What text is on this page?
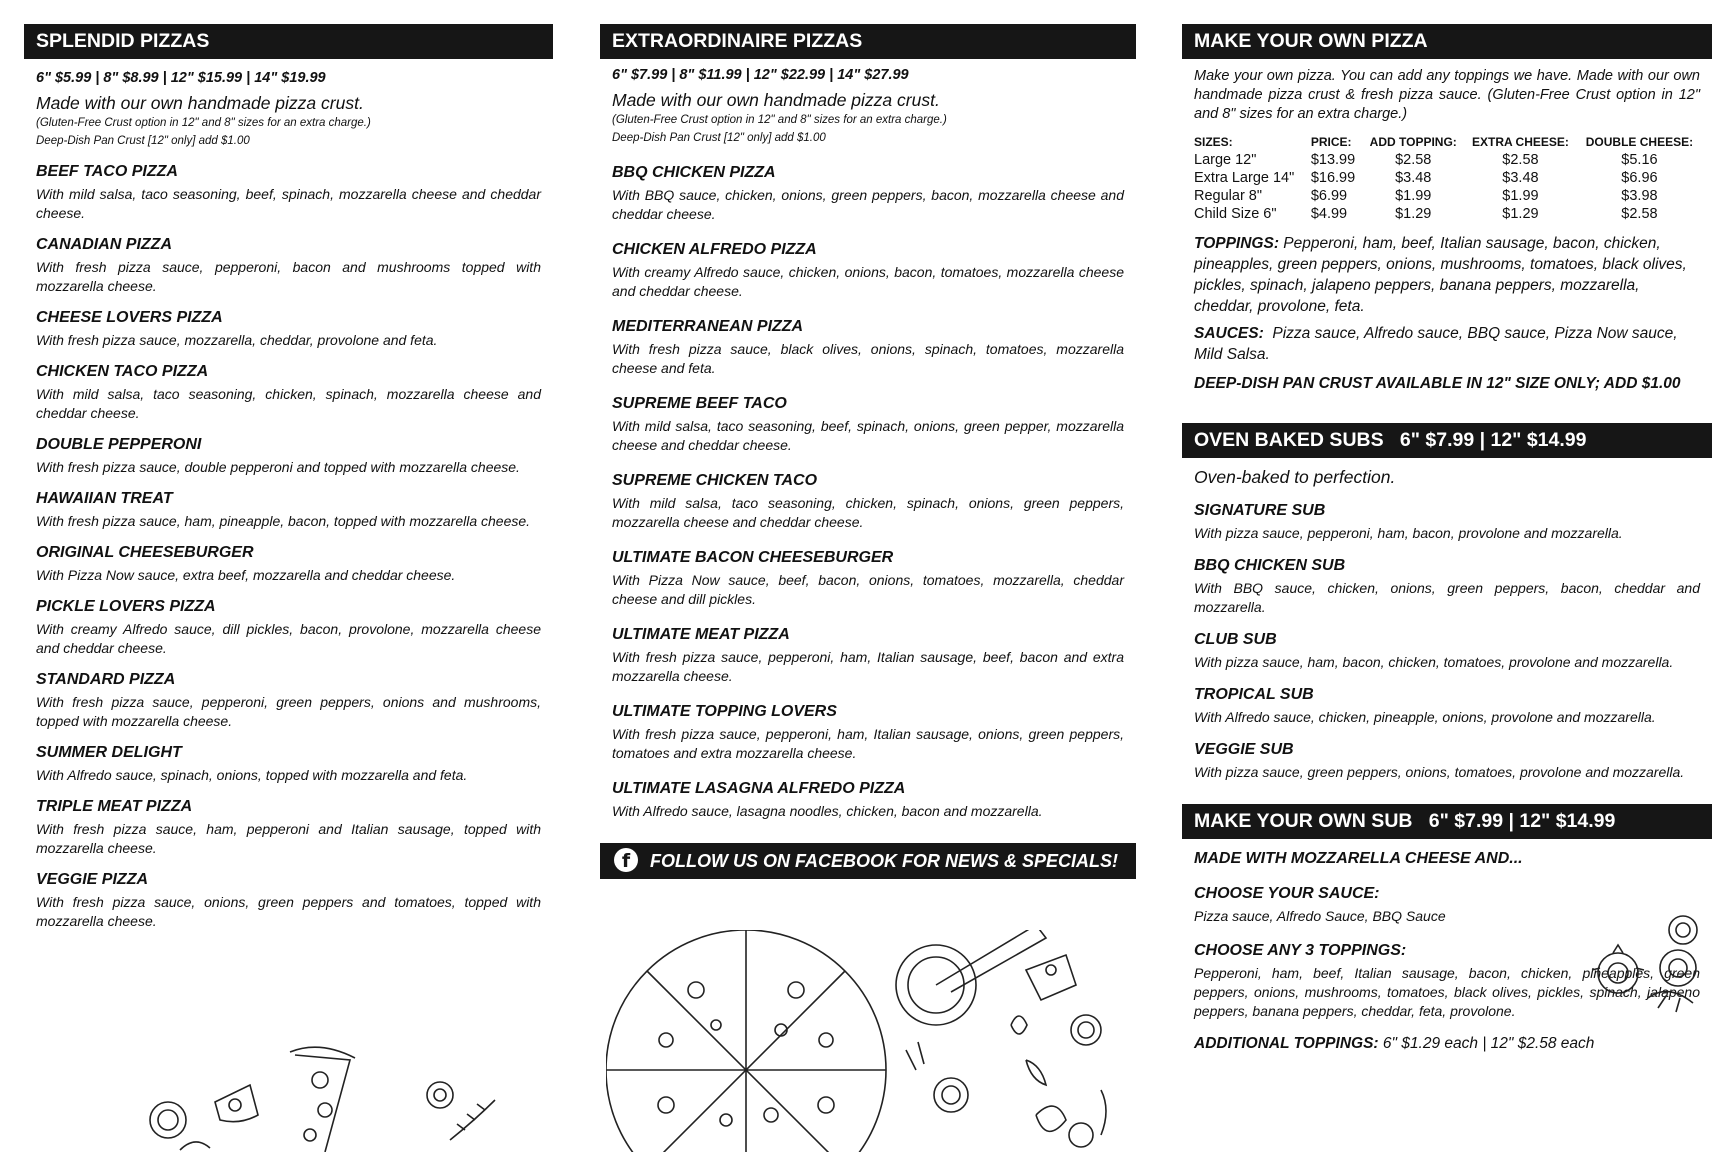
SPLENDID PIZZAS
6" $5.99 | 8" $8.99 | 12" $15.99 | 14" $19.99

Made with our own handmade pizza crust.

(Gluten-Free Crust option in 12" and 8" sizes for an extra charge.)

Deep-Dish Pan Crust [12" only] add $1.00

BEEF TACO PIZZA
With mild salsa, taco seasoning, beef, spinach, mozzarella cheese and cheddar cheese.
CANADIAN PIZZA
With fresh pizza sauce, pepperoni, bacon and mushrooms topped with mozzarella cheese.
CHEESE LOVERS PIZZA
With fresh pizza sauce, mozzarella, cheddar, provolone and feta.
CHICKEN TACO PIZZA
With mild salsa, taco seasoning, chicken, spinach, mozzarella cheese and cheddar cheese.
DOUBLE PEPPERONI
With fresh pizza sauce, double pepperoni and topped with mozzarella cheese.
HAWAIIAN TREAT
With fresh pizza sauce, ham, pineapple, bacon, topped with mozzarella cheese.
ORIGINAL CHEESEBURGER
With Pizza Now sauce, extra beef, mozzarella and cheddar cheese.
PICKLE LOVERS PIZZA
With creamy Alfredo sauce, dill pickles, bacon, provolone, mozzarella cheese and cheddar cheese.
STANDARD PIZZA
With fresh pizza sauce, pepperoni, green peppers, onions and mushrooms, topped with mozzarella cheese.
SUMMER DELIGHT
With Alfredo sauce, spinach, onions, topped with mozzarella and feta.
TRIPLE MEAT PIZZA
With fresh pizza sauce, ham, pepperoni and Italian sausage, topped with mozzarella cheese.
VEGGIE PIZZA
With fresh pizza sauce, onions, green peppers and tomatoes, topped with mozzarella cheese.
EXTRAORDINAIRE PIZZAS
6" $7.99 | 8" $11.99 | 12" $22.99 | 14" $27.99

Made with our own handmade pizza crust.

(Gluten-Free Crust option in 12" and 8" sizes for an extra charge.)

Deep-Dish Pan Crust [12" only] add $1.00

BBQ CHICKEN PIZZA
With BBQ sauce, chicken, onions, green peppers, bacon, mozzarella cheese and cheddar cheese.
CHICKEN ALFREDO PIZZA
With creamy Alfredo sauce, chicken, onions, bacon, tomatoes, mozzarella cheese and cheddar cheese.
MEDITERRANEAN PIZZA
With fresh pizza sauce, black olives, onions, spinach, tomatoes, mozzarella cheese and feta.
SUPREME BEEF TACO
With mild salsa, taco seasoning, beef, spinach, onions, green pepper, mozzarella cheese and cheddar cheese.
SUPREME CHICKEN TACO
With mild salsa, taco seasoning, chicken, spinach, onions, green peppers, mozzarella cheese and cheddar cheese.
ULTIMATE BACON CHEESEBURGER
With Pizza Now sauce, beef, bacon, onions, tomatoes, mozzarella, cheddar cheese and dill pickles.
ULTIMATE MEAT PIZZA
With fresh pizza sauce, pepperoni, ham, Italian sausage, beef, bacon and extra mozzarella cheese.
ULTIMATE TOPPING LOVERS
With fresh pizza sauce, pepperoni, ham, Italian sausage, onions, green peppers, tomatoes and extra mozzarella cheese.
ULTIMATE LASAGNA ALFREDO PIZZA
With Alfredo sauce, lasagna noodles, chicken, bacon and mozzarella.
f FOLLOW US ON FACEBOOK FOR NEWS & SPECIALS!
MAKE YOUR OWN PIZZA
Make your own pizza. You can add any toppings we have. Made with our own handmade pizza crust & fresh pizza sauce. (Gluten-Free Crust option in 12" and 8" sizes for an extra charge.)
SIZES:	PRICE:	ADD TOPPING:	EXTRA CHEESE:	DOUBLE CHEESE:
Large 12"	$13.99	$2.58	$2.58	$5.16
Extra Large 14"	$16.99	$3.48	$3.48	$6.96
Regular 8"	$6.99	$1.99	$1.99	$3.98
Child Size 6"	$4.99	$1.29	$1.29	$2.58
TOPPINGS: Pepperoni, ham, beef, Italian sausage, bacon, chicken, pineapples, green peppers, onions, mushrooms, tomatoes, black olives, pickles, spinach, jalapeno peppers, banana peppers, mozzarella, cheddar, provolone, feta.
SAUCES: Pizza sauce, Alfredo sauce, BBQ sauce, Pizza Now sauce, Mild Salsa.
DEEP-DISH PAN CRUST AVAILABLE IN 12" SIZE ONLY; ADD $1.00
OVEN BAKED SUBS 6" $7.99 | 12" $14.99

Oven-baked to perfection.

SIGNATURE SUB
With pizza sauce, pepperoni, ham, bacon, provolone and mozzarella.
BBQ CHICKEN SUB
With BBQ sauce, chicken, onions, green peppers, bacon, cheddar and mozzarella.
CLUB SUB
With pizza sauce, ham, bacon, chicken, tomatoes, provolone and mozzarella.
TROPICAL SUB
With Alfredo sauce, chicken, pineapple, onions, provolone and mozzarella.
VEGGIE SUB
With pizza sauce, green peppers, onions, tomatoes, provolone and mozzarella.
MAKE YOUR OWN SUB 6" $7.99 | 12" $14.99
MADE WITH MOZZARELLA CHEESE AND...
CHOOSE YOUR SAUCE:
Pizza sauce, Alfredo Sauce, BBQ Sauce
CHOOSE ANY 3 TOPPINGS:
Pepperoni, ham, beef, Italian sausage, bacon, chicken, pineapples, green peppers, onions, mushrooms, tomatoes, black olives, pickles, spinach, jalapeno peppers, banana peppers, cheddar, feta, provolone.
ADDITIONAL TOPPINGS: 6" $1.29 each | 12" $2.58 each
